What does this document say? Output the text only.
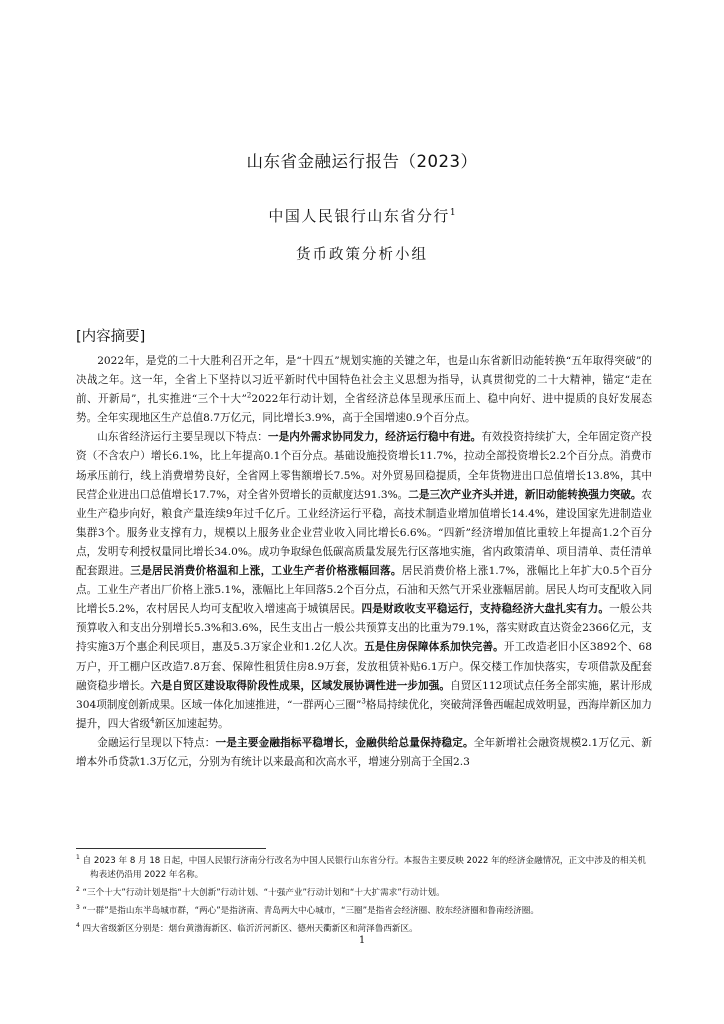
山东省金融运行报告（2023）
中国人民银行山东省分行$^1$
货币政策分析小组
[内容摘要]

2022年，是党的二十大胜利召开之年，是“十四五”规划实施的关键之年，也是山东省新旧动能转换“五年取得突破”的决战之年。这一年，全省上下坚持以习近平新时代中国特色社会主义思想为指导，认真贯彻党的二十大精神，锚定“走在前、开新局”，扎实推进“三个十大”$^2$2022年行动计划，全省经济总体呈现承压而上、稳中向好、进中提质的良好发展态势。全年实现地区生产总值8.7万亿元，同比增长3.9%，高于全国增速0.9个百分点。

山东省经济运行主要呈现以下特点：一是内外需求协同发力，经济运行稳中有进。有效投资持续扩大，全年固定资产投资（不含农户）增长6.1%，比上年提高0.1个百分点。基础设施投资增长11.7%，拉动全部投资增长2.2个百分点。消费市场承压前行，线上消费增势良好，全省网上零售额增长7.5%。对外贸易回稳提质，全年货物进出口总值增长13.8%，其中民营企业进出口总值增长17.7%，对全省外贸增长的贡献度达91.3%。二是三次产业齐头并进，新旧动能转换强力突破。农业生产稳步向好，粮食产量连续9年过千亿斤。工业经济运行平稳，高技术制造业增加值增长14.4%，建设国家先进制造业集群3个。服务业支撑有力，规模以上服务业企业营业收入同比增长6.6%。“四新”经济增加值比重较上年提高1.2个百分点，发明专利授权量同比增长34.0%。成功争取绿色低碳高质量发展先行区落地实施，省内政策清单、项目清单、责任清单配套跟进。三是居民消费价格温和上涨，工业生产者价格涨幅回落。居民消费价格上涨1.7%，涨幅比上年扩大0.5个百分点。工业生产者出厂价格上涨5.1%，涨幅比上年回落5.2个百分点，石油和天然气开采业涨幅居前。居民人均可支配收入同比增长5.2%，农村居民人均可支配收入增速高于城镇居民。四是财政收支平稳运行，支持稳经济大盘扎实有力。一般公共预算收入和支出分别增长5.3%和3.6%，民生支出占一般公共预算支出的比重为79.1%，落实财政直达资金2366亿元，支持实施3万个惠企利民项目，惠及5.3万家企业和1.2亿人次。五是住房保障体系加快完善。开工改造老旧小区3892个、68万户，开工棚户区改造7.8万套、保障性租赁住房8.9万套，发放租赁补贴6.1万户。保交楼工作加快落实，专项借款及配套融资稳步增长。六是自贸区建设取得阶段性成果，区域发展协调性进一步加强。自贸区112项试点任务全部实施，累计形成304项制度创新成果。区域一体化加速推进，“一群两心三圈”$^3$格局持续优化，突破菏泽鲁西崛起成效明显，西海岸新区加力提升，四大省级$^4$新区加速起势。

金融运行呈现以下特点：一是主要金融指标平稳增长，金融供给总量保持稳定。全年新增社会融资规模2.1万亿元、新增本外币贷款1.3万亿元，分别为有统计以来最高和次高水平，增速分别高于全国2.3

$^1$ 自 2023 年 8 月 18 日起，中国人民银行济南分行改名为中国人民银行山东省分行。本报告主要反映 2022 年的经济金融情况，正文中涉及的相关机构表述仍沿用 2022 年名称。
$^2$ “三个十大”行动计划是指“十大创新”行动计划、“十强产业”行动计划和“十大扩需求”行动计划。
$^3$ “一群”是指山东半岛城市群，“两心”是指济南、青岛两大中心城市，“三圈”是指省会经济圈、胶东经济圈和鲁南经济圈。
$^4$ 四大省级新区分别是：烟台黄渤海新区、临沂沂河新区、德州天衢新区和菏泽鲁西新区。
1
